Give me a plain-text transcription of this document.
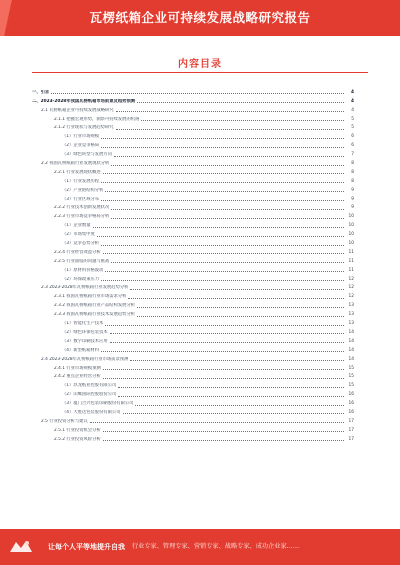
瓦楞纸箱企业可持续发展战略研究报告
内容目录
一、引言	4
二、2023-2028年我国瓦楞纸箱市场前景及趋势预测	4
2.1 瓦楞纸箱企业可持续发展战略研究	4
2.1.1 把握宏观形势，洞察可持续发展的机遇	5
2.1.2 行业现状与发展趋势研究	5
（1）行业市场规模	6
（2）企业竞争格局	6
（3）绿色转型与发展方向	7
2.2 我国瓦楞纸箱行业发展现状分析	8
2.2.1 行业发展现状概述	8
（1）行业发展历程	8
（2）产业链结构分析	9
（3）行业区域分布	9
2.2.2 行业技术创新发展状况	9
2.2.3 行业市场竞争格局分析	10
（1）企业数量	10
（2）市场集中度	10
（3）竞争态势分析	10
2.2.4 行业经营效益分析	11
2.2.5 行业面临的问题与挑战	11
（1）原材料价格波动	11
（2）环保政策压力	12
2.3 2023-2028年瓦楞纸箱行业发展趋势分析	12
2.3.1 我国瓦楞纸箱行业市场需求分析	12
2.3.2 我国瓦楞纸箱行业产品结构发展分析	13
2.3.3 我国瓦楞纸箱行业技术发展趋势分析	13
（1）智能化生产技术	13
（2）绿色环保包装技术	14
（3）数字印刷技术应用	14
（4）新型纸箱材料	14
2.4 2023-2028年瓦楞纸箱行业市场前景预测	14
2.4.1 行业市场规模预测	15
2.4.2 重点企业经营分析	15
（1）玖龙纸业控股有限公司	15
（2）山鹰国际控股股份公司	16
（3）厦门合兴包装印刷股份有限公司	16
（4）大胜达包装股份有限公司	16
2.5 行业投资分析与建议	17
2.5.1 行业投资机会分析	17
2.5.2 行业投资风险分析	17
让每个人平等地提升自我 行业专家、管理专家、营销专家、战略专家、成功企业家……
